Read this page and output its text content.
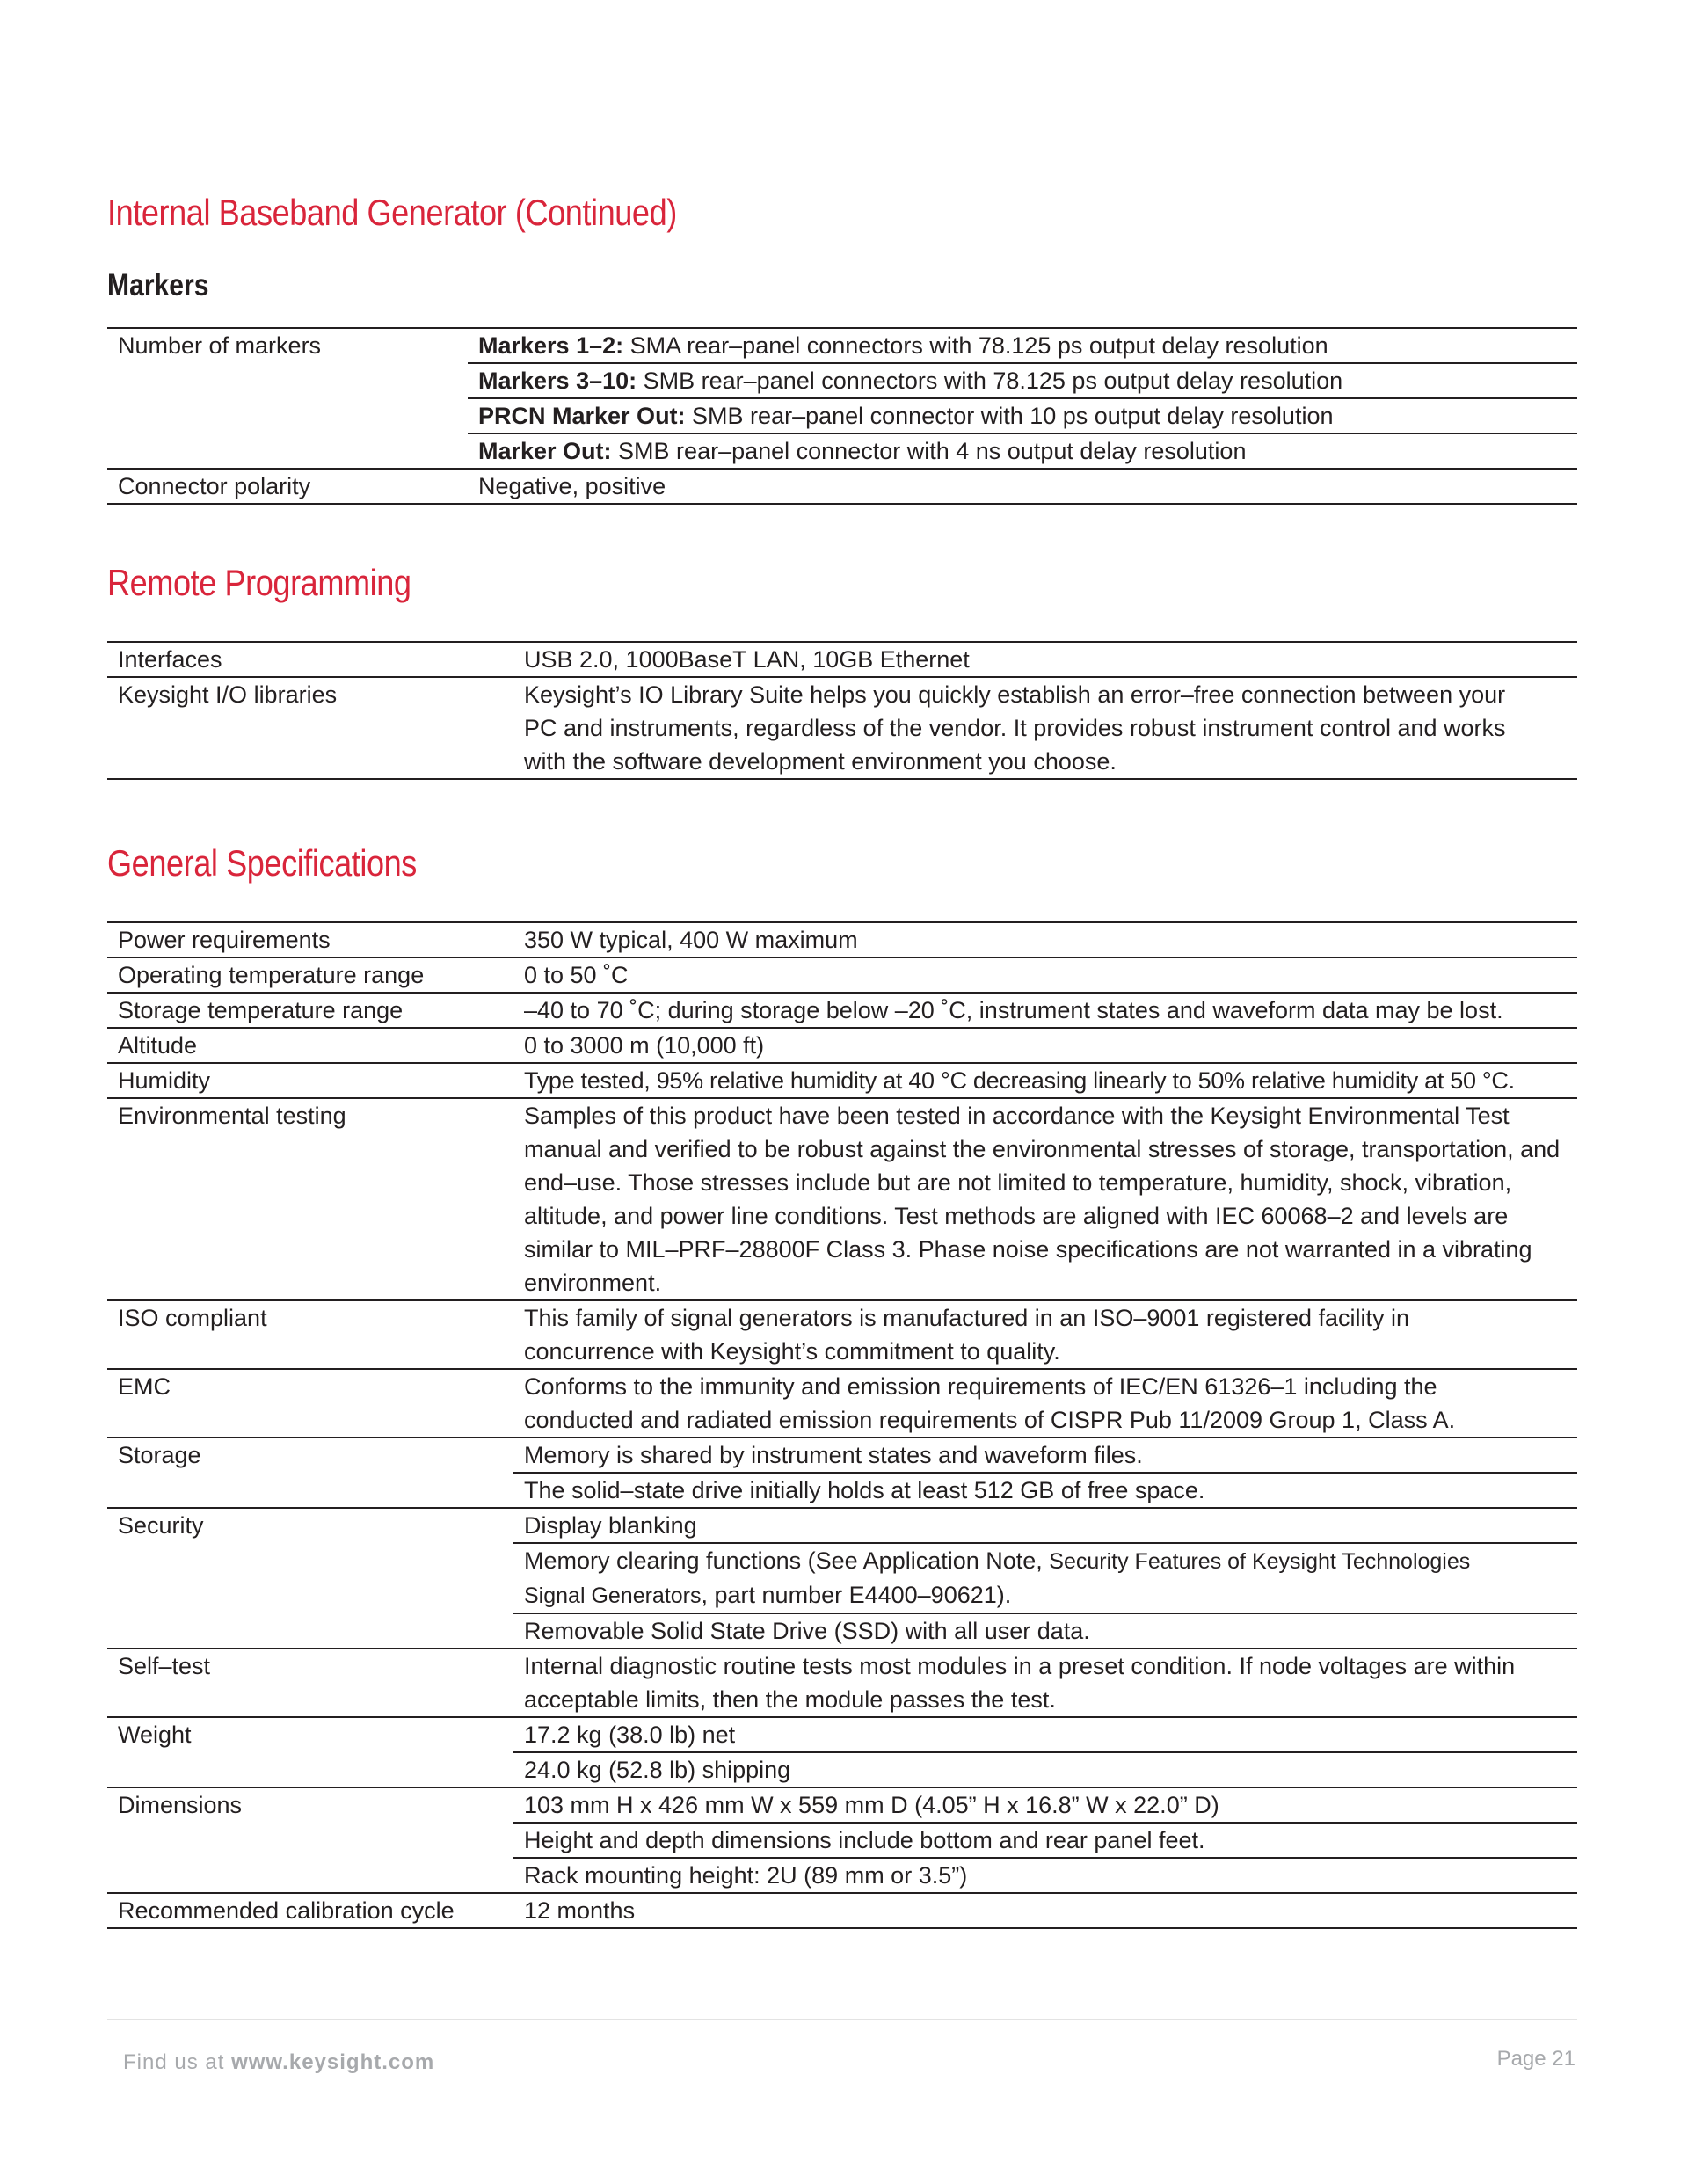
Internal Baseband Generator (Continued)
Markers
Number of markers	Markers 1–2: SMA rear–panel connectors with 78.125 ps output delay resolution
	Markers 3–10: SMB rear–panel connectors with 78.125 ps output delay resolution
	PRCN Marker Out: SMB rear–panel connector with 10 ps output delay resolution
	Marker Out: SMB rear–panel connector with 4 ns output delay resolution
Connector polarity	Negative, positive
Remote Programming
Interfaces	USB 2.0, 1000BaseT LAN, 10GB Ethernet
Keysight I/O libraries	Keysight’s IO Library Suite helps you quickly establish an error–free connection between your PC and instruments, regardless of the vendor. It provides robust instrument control and works with the software development environment you choose.
General Specifications
Power requirements	350 W typical, 400 W maximum
Operating temperature range	0 to 50 ˚C
Storage temperature range	–40 to 70 ˚C; during storage below –20 ˚C, instrument states and waveform data may be lost.
Altitude	0 to 3000 m (10,000 ft)
Humidity	Type tested, 95% relative humidity at 40 °C decreasing linearly to 50% relative humidity at 50 °C.
Environmental testing	Samples of this product have been tested in accordance with the Keysight Environmental Test manual and verified to be robust against the environmental stresses of storage, transportation, and end–use. Those stresses include but are not limited to temperature, humidity, shock, vibration, altitude, and power line conditions. Test methods are aligned with IEC 60068–2 and levels are similar to MIL–PRF–28800F Class 3. Phase noise specifications are not warranted in a vibrating environment.
ISO compliant	This family of signal generators is manufactured in an ISO–9001 registered facility in concurrence with Keysight’s commitment to quality.
EMC	Conforms to the immunity and emission requirements of IEC/EN 61326–1 including the conducted and radiated emission requirements of CISPR Pub 11/2009 Group 1, Class A.
Storage	Memory is shared by instrument states and waveform files.
	The solid–state drive initially holds at least 512 GB of free space.
Security	Display blanking
	Memory clearing functions (See Application Note, Security Features of Keysight Technologies Signal Generators, part number E4400–90621).
	Removable Solid State Drive (SSD) with all user data.
Self–test	Internal diagnostic routine tests most modules in a preset condition. If node voltages are within acceptable limits, then the module passes the test.
Weight	17.2 kg (38.0 lb) net
	24.0 kg (52.8 lb) shipping
Dimensions	103 mm H x 426 mm W x 559 mm D (4.05” H x 16.8” W x 22.0” D)
	Height and depth dimensions include bottom and rear panel feet.
	Rack mounting height: 2U (89 mm or 3.5”)
Recommended calibration cycle	12 months
Find us at www.keysight.com	Page 21
